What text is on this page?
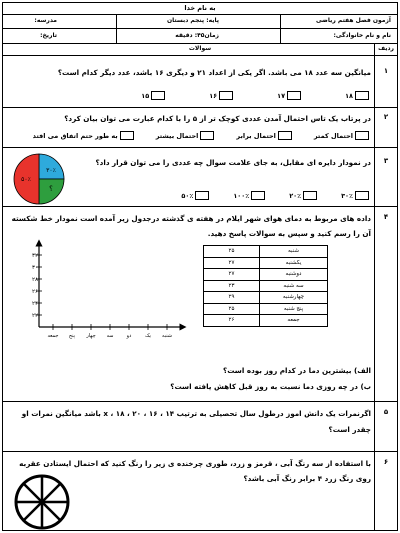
به نام خدا
آزمون فصل هفتم ریاضی
پایه: پنجم دبستان
مدرسه:
نام و نام خانوادگی:
زمان۴۵: دقیقه
تاریخ:
ردیف
سوالات
۱
میانگین سه عدد ۱۸ می باشد. اگر یکی از اعداد ۲۱ و دیگری ۱۶ باشد، عدد دیگر کدام است؟
۱۸
۱۷
۱۶
۱۵
۲
در پرتاب یک تاس احتمال آمدن عددی کوچک تر از ۵ را با کدام عبارت می توان بیان کرد؟
احتمال کمتر
احتمال برابر
احتمال بیشتر
به طور حتم اتفاق می افتد
۳
در نمودار دایره ای مقابل، به جای علامت سوال چه عددی را می توان قرار داد؟
۳۰٪
؟
۵۰٪
۳۰٪
۲۰٪
۱۰۰٪
۵۰٪
۴
داده های مربوط به دمای هوای شهر ایلام در هفته ی گذشته درجدول زیر آمده است نمودار خط شکسته
آن را رسم کنید و سپس به سوالات پاسخ دهید.
شنبه	۲۵
یکشنبه	۲۷
دوشنبه	۲۷
سه شنبه	۲۳
چهارشنبه	۲۹
پنج شنبه	۲۵
جمعه	۲۶
۳۲
۳۰
۲۸
۲۶
۲۴
۲۲
شنبه
یک
دو
سه
چهار
پنج
جمعه
الف) بیشترین دما در کدام روز بوده است؟
ب) در چه روزی دما نسبت به روز قبل کاهش یافته است؟
۵
اگرنمرات یک دانش اموز درطول سال تحصیلی به ترتیب ۱۴ ، ۱۶ ، ۲۰ ، ۱۸ ، x باشد میانگین نمرات او
چقدر است؟
۶
با استفاده از سه رنگ آبی ، قرمز و زرد، طوری چرخنده ی زیر را رنگ کنید که احتمال ایستادن عقربه
روی رنگ زرد ۴ برابر رنگ آبی باشد؟
